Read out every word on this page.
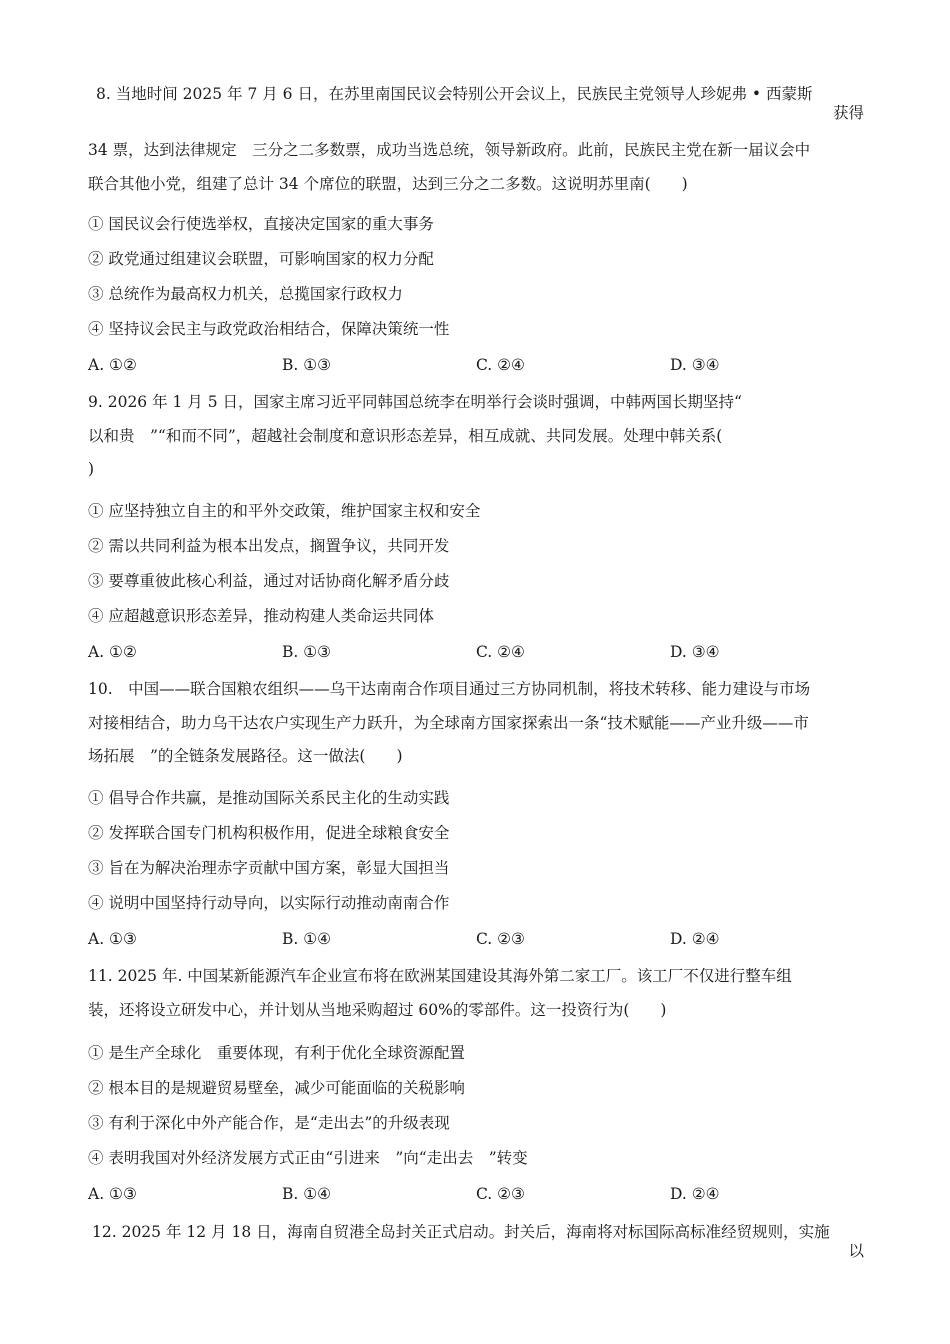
8. 当地时间 2025 年 7 月 6 日，在苏里南国民议会特别公开会议上，民族民主党领导人珍妮弗 • 西蒙斯
获得
34 票，达到法律规定　三分之二多数票，成功当选总统，领导新政府。此前，民族民主党在新一届议会中
联合其他小党，组建了总计 34 个席位的联盟，达到三分之二多数。这说明苏里南(　　)
① 国民议会行使选举权，直接决定国家的重大事务
② 政党通过组建议会联盟，可影响国家的权力分配
③ 总统作为最高权力机关，总揽国家行政权力
④ 坚持议会民主与政党政治相结合，保障决策统一性
A. ①②	B. ①③	C. ②④	D. ③④
9. 2026 年 1 月 5 日，国家主席习近平同韩国总统李在明举行会谈时强调，中韩两国长期坚持“
以和贵　”“和而不同”，超越社会制度和意识形态差异，相互成就、共同发展。处理中韩关系(
)
① 应坚持独立自主的和平外交政策，维护国家主权和安全
② 需以共同利益为根本出发点，搁置争议，共同开发
③ 要尊重彼此核心利益，通过对话协商化解矛盾分歧
④ 应超越意识形态差异，推动构建人类命运共同体
A. ①②	B. ①③	C. ②④	D. ③④
10.　中国——联合国粮农组织——乌干达南南合作项目通过三方协同机制，将技术转移、能力建设与市场
对接相结合，助力乌干达农户实现生产力跃升，为全球南方国家探索出一条“技术赋能——产业升级——市
场拓展　”的全链条发展路径。这一做法(　　)
① 倡导合作共赢，是推动国际关系民主化的生动实践
② 发挥联合国专门机构积极作用，促进全球粮食安全
③ 旨在为解决治理赤字贡献中国方案，彰显大国担当
④ 说明中国坚持行动导向，以实际行动推动南南合作
A. ①③	B. ①④	C. ②③	D. ②④
11. 2025 年. 中国某新能源汽车企业宣布将在欧洲某国建设其海外第二家工厂。该工厂不仅进行整车组
装，还将设立研发中心，并计划从当地采购超过 60%的零部件。这一投资行为(　　)
① 是生产全球化　重要体现，有利于优化全球资源配置
② 根本目的是规避贸易壁垒，减少可能面临的关税影响
③ 有利于深化中外产能合作，是“走出去”的升级表现
④ 表明我国对外经济发展方式正由“引进来　”向“走出去　”转变
A. ①③	B. ①④	C. ②③	D. ②④
12. 2025 年 12 月 18 日，海南自贸港全岛封关正式启动。封关后，海南将对标国际高标准经贸规则，实施
以
